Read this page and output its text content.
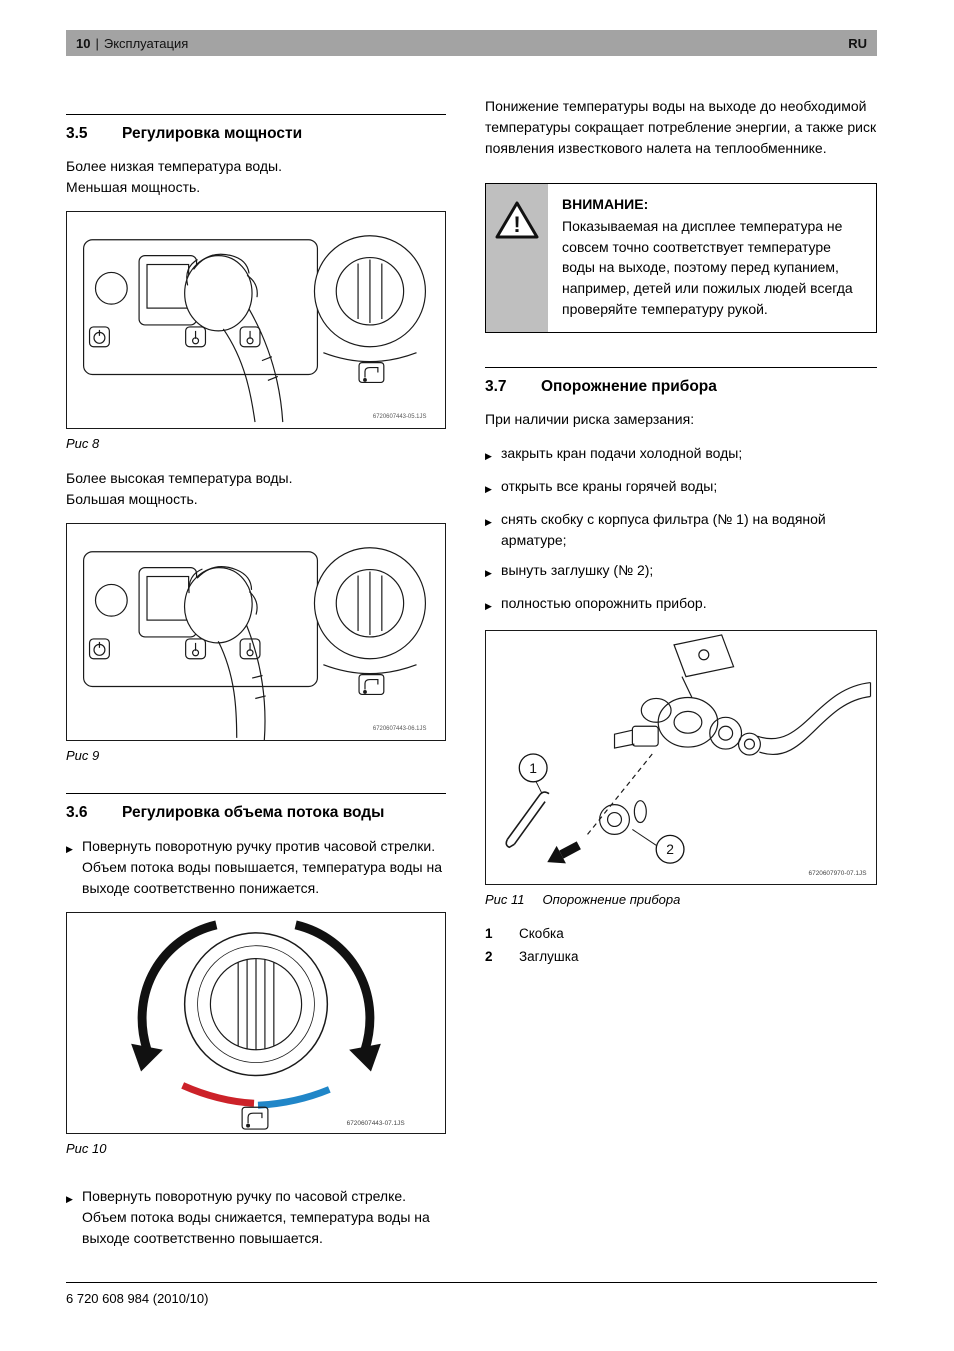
10 | Эксплуатация	RU
3.5	Регулировка мощности

Более низкая температура воды.

Меньшая мощность.

6720607443-05.1JS
Рис 8

Более высокая температура воды.

Большая мощность.

6720607443-06.1JS
Рис 9
3.6	Регулировка объема потока воды
▶
Повернуть поворотную ручку против часовой стрелки.
Объем потока воды повышается, температура воды на выходе соответственно понижается.
6720607443-07.1JS
Рис 10
▶
Повернуть поворотную ручку по часовой стрелке.
Объем потока воды снижается, температура воды на выходе соответственно повышается.

Понижение температуры воды на выходе до необходимой температуры сокращает потребление энергии, а также риск появления известкового налета на теплообменнике.

!
ВНИМАНИЕ:
Показываемая на дисплее температура не совсем точно соответствует температуре воды на выходе, поэтому перед купанием, например, детей или пожилых людей всегда проверяйте температуру рукой.
3.7	Опорожнение прибора

При наличии риска замерзания:

▶
закрыть кран подачи холодной воды;
▶
открыть все краны горячей воды;
▶
снять скобку с корпуса фильтра (№ 1) на водяной арматуре;
▶
вынуть заглушку (№ 2);
▶
полностью опорожнить прибор.
1
2
6720607970-07.1JS
Рис 11 Опорожнение прибора
1	Скобка
2	Заглушка
6 720 608 984 (2010/10)
